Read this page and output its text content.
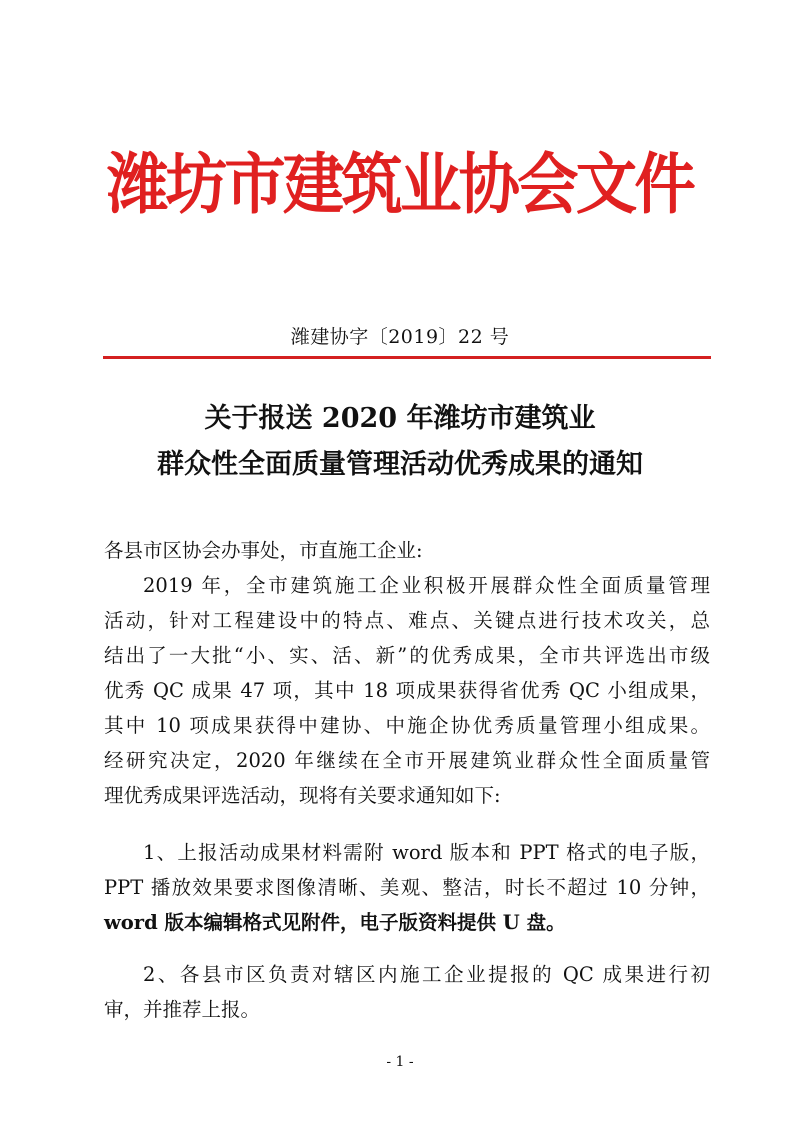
潍坊市建筑业协会文件
潍建协字〔2019〕22 号
关于报送 2020 年潍坊市建筑业
群众性全面质量管理活动优秀成果的通知
各县市区协会办事处，市直施工企业:
2019 年，全市建筑施工企业积极开展群众性全面质量管理
活动，针对工程建设中的特点、难点、关键点进行技术攻关，总
结出了一大批“小、实、活、新”的优秀成果，全市共评选出市级
优秀 QC 成果 47 项，其中 18 项成果获得省优秀 QC 小组成果，
其中 10 项成果获得中建协、中施企协优秀质量管理小组成果。
经研究决定，2020 年继续在全市开展建筑业群众性全面质量管
理优秀成果评选活动，现将有关要求通知如下:
1、上报活动成果材料需附 word 版本和 PPT 格式的电子版，
PPT 播放效果要求图像清晰、美观、整洁，时长不超过 10 分钟，
word 版本编辑格式见附件，电子版资料提供 U 盘。
2、各县市区负责对辖区内施工企业提报的 QC 成果进行初
审，并推荐上报。
- 1 -
